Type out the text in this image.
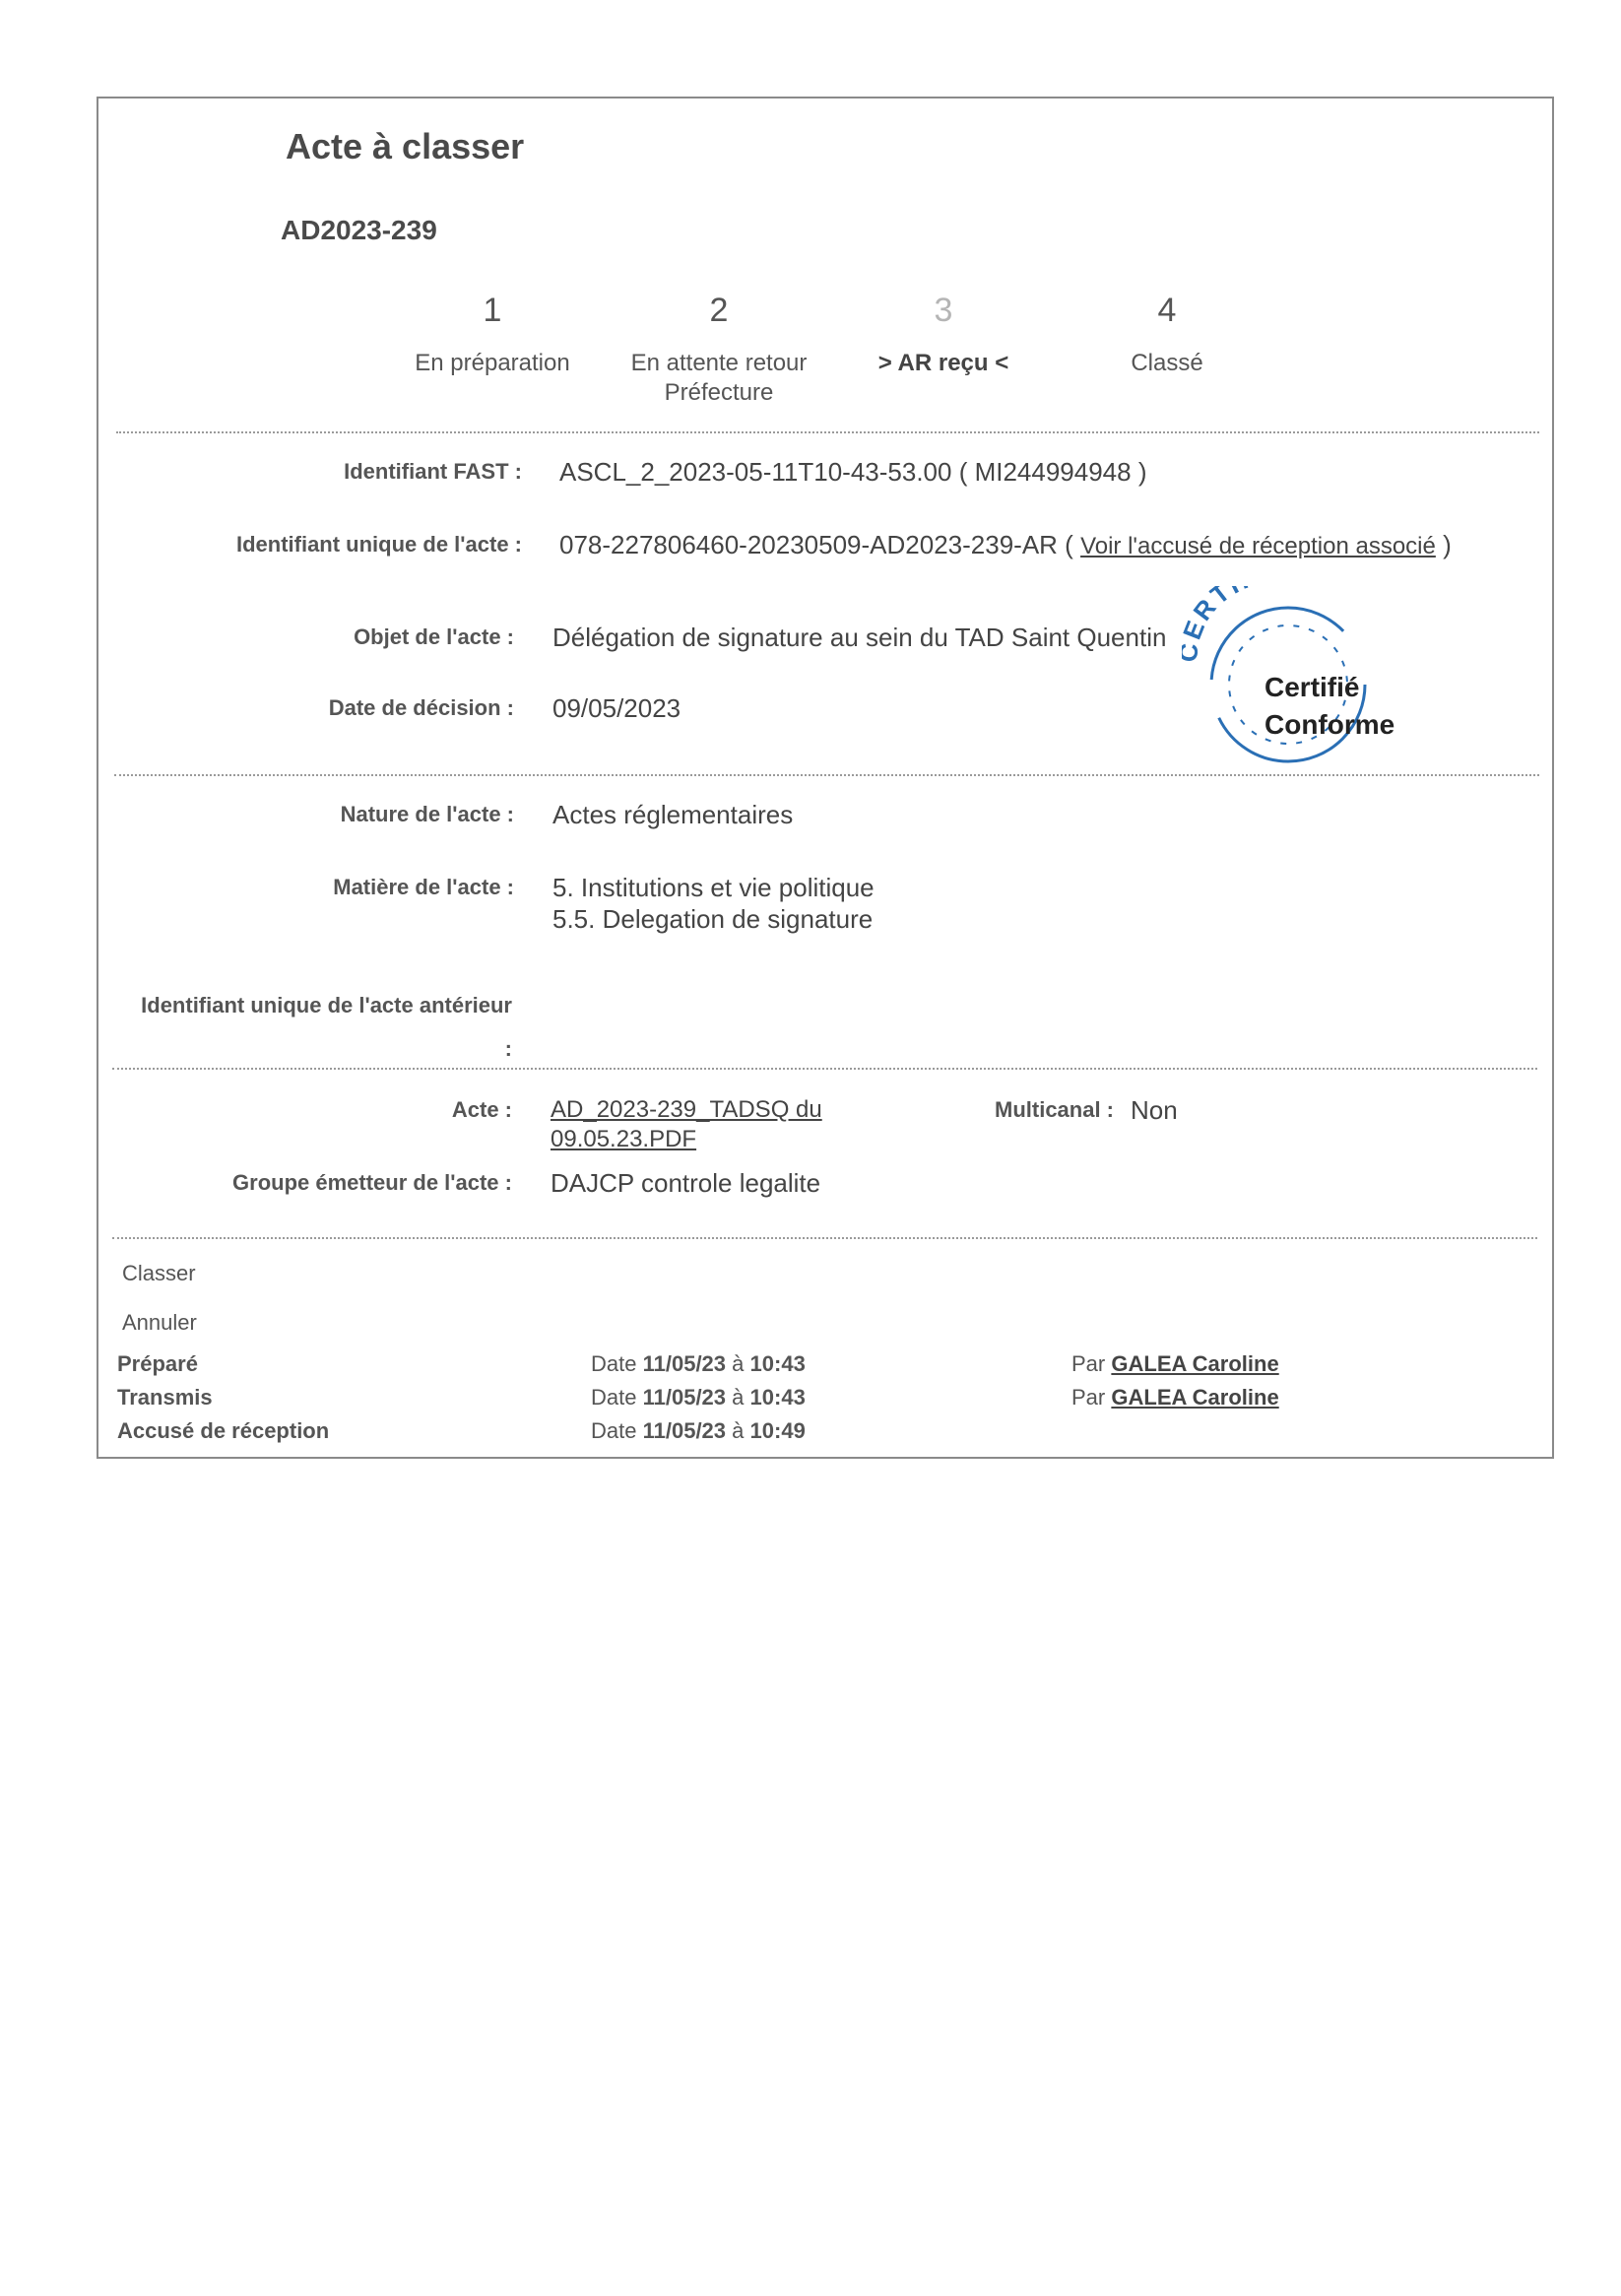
Acte à classer
AD2023-239
1
En préparation
2
En attente retour
Préfecture
3
> AR reçu <
4
Classé
Identifiant FAST : ASCL_2_2023-05-11T10-43-53.00 ( MI244994948 )
Identifiant unique de l'acte : 078-227806460-20230509-AD2023-239-AR ( Voir l'accusé de réception associé )
Objet de l'acte : Délégation de signature au sein du TAD Saint Quentin
Date de décision : 09/05/2023
RT
Certifié
Conforme
Nature de l'acte : Actes réglementaires
Matière de l'acte : 5. Institutions et vie politique
5.5. Delegation de signature
Identifiant unique de l'acte antérieur
:
Acte : AD_2023-239_TADSQ du
09.05.23.PDF
Multicanal : Non
Groupe émetteur de l'acte : DAJCP controle legalite
Classer
Annuler
Préparé	Date 11/05/23 à 10:43	Par GALEA Caroline
Transmis	Date 11/05/23 à 10:43	Par GALEA Caroline
Accusé de réception	Date 11/05/23 à 10:49
